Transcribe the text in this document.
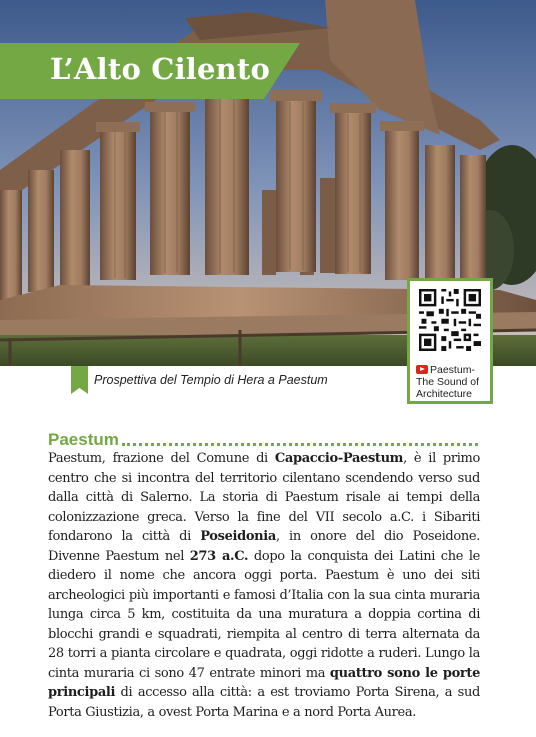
L’Alto Cilento
Paestum- The Sound of Architecture
Prospettiva del Tempio di Hera a Paestum
Paestum

Paestum, frazione del Comune di Capaccio-Paestum, è il primo centro che si incontra del territorio cilentano scendendo verso sud dalla città di Salerno. La storia di Paestum risale ai tempi della colonizzazione greca. Verso la fine del VII secolo a.C. i Sibariti fondarono la città di Poseidonia, in onore del dio Poseidone. Divenne Paestum nel 273 a.C. dopo la conquista dei Latini che le diedero il nome che ancora oggi porta. Paestum è uno dei siti archeologici più importanti e famosi d’Italia con la sua cinta muraria lunga circa 5 km, costituita da una muratura a doppia cortina di blocchi grandi e squadrati, riempita al centro di terra alternata da 28 torri a pianta circolare e quadrata, oggi ridotte a ruderi. Lungo la cinta muraria ci sono 47 entrate minori ma quattro sono le porte principali di accesso alla città: a est troviamo Porta Sirena, a sud Porta Giustizia, a ovest Porta Marina e a nord Porta Aurea.
